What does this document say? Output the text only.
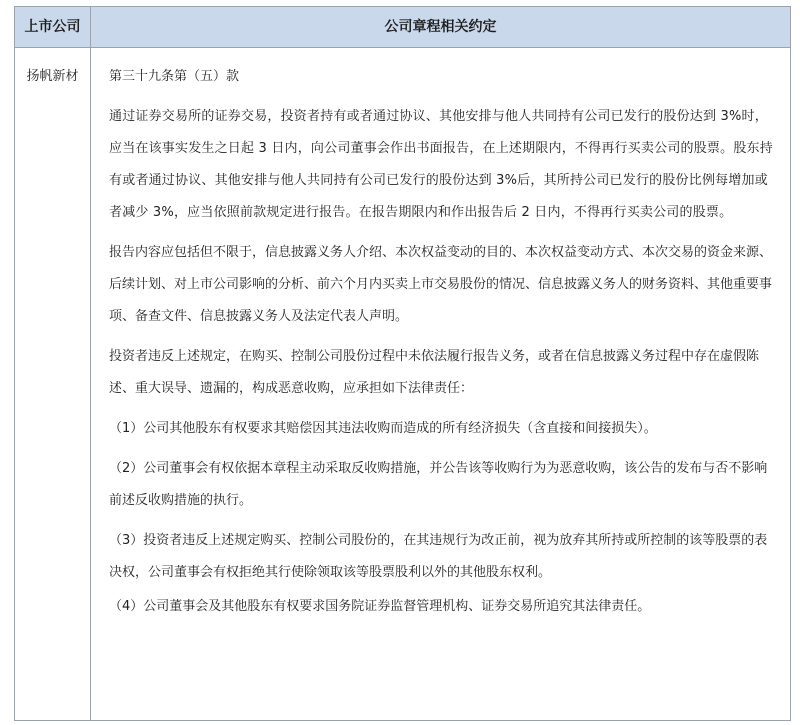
上市公司	公司章程相关约定
扬帆新材	第三十九条第（五）款

通过证券交易所的证券交易，投资者持有或者通过协议、其他安排与他人共同持有公司已发行的股份达到 3%时，应当在该事实发生之日起 3 日内，向公司董事会作出书面报告，在上述期限内，不得再行买卖公司的股票。股东持有或者通过协议、其他安排与他人共同持有公司已发行的股份达到 3%后，其所持公司已发行的股份比例每增加或者减少 3%，应当依照前款规定进行报告。在报告期限内和作出报告后 2 日内，不得再行买卖公司的股票。

报告内容应包括但不限于，信息披露义务人介绍、本次权益变动的目的、本次权益变动方式、本次交易的资金来源、后续计划、对上市公司影响的分析、前六个月内买卖上市交易股份的情况、信息披露义务人的财务资料、其他重要事项、备查文件、信息披露义务人及法定代表人声明。

投资者违反上述规定，在购买、控制公司股份过程中未依法履行报告义务，或者在信息披露义务过程中存在虚假陈述、重大误导、遗漏的，构成恶意收购，应承担如下法律责任：

（1）公司其他股东有权要求其赔偿因其违法收购而造成的所有经济损失（含直接和间接损失）。

（2）公司董事会有权依据本章程主动采取反收购措施，并公告该等收购行为为恶意收购，该公告的发布与否不影响前述反收购措施的执行。

（3）投资者违反上述规定购买、控制公司股份的，在其违规行为改正前，视为放弃其所持或所控制的该等股票的表决权，公司董事会有权拒绝其行使除领取该等股票股利以外的其他股东权利。

（4）公司董事会及其他股东有权要求国务院证券监督管理机构、证券交易所追究其法律责任。
